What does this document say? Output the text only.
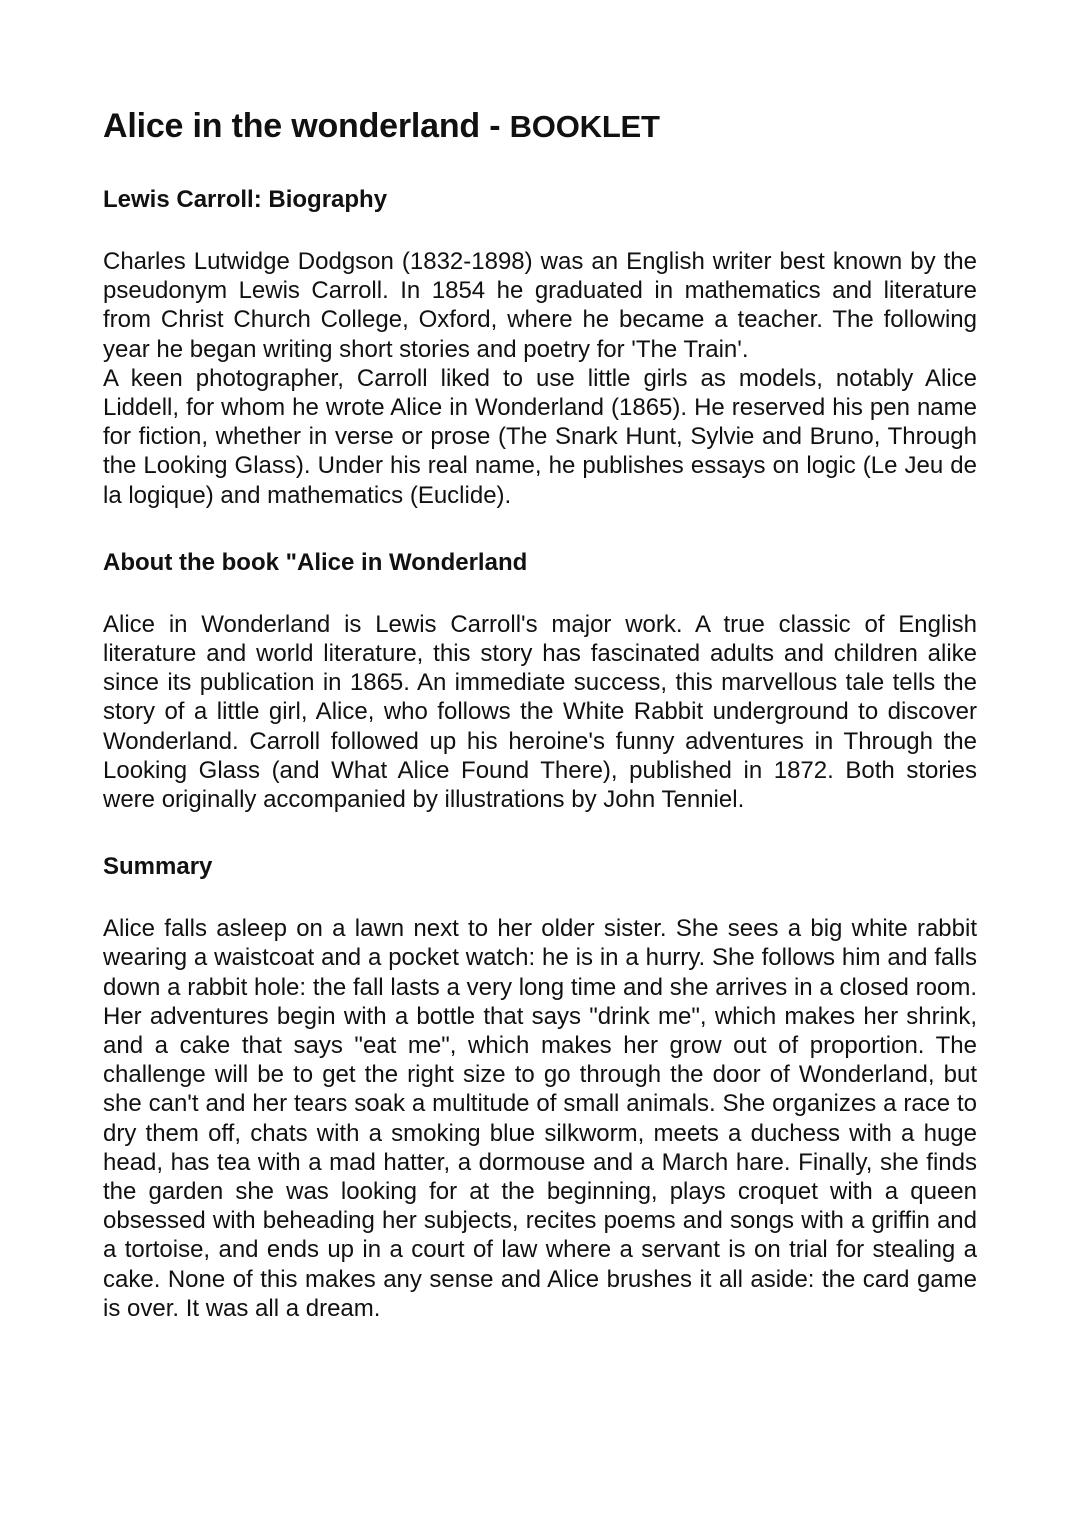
Alice in the wonderland - BOOKLET
Lewis Carroll: Biography

Charles Lutwidge Dodgson (1832-1898) was an English writer best known by the pseudonym Lewis Carroll. In 1854 he graduated in mathematics and literature from Christ Church College, Oxford, where he became a teacher. The following year he began writing short stories and poetry for 'The Train'.
A keen photographer, Carroll liked to use little girls as models, notably Alice Liddell, for whom he wrote Alice in Wonderland (1865). He reserved his pen name for fiction, whether in verse or prose (The Snark Hunt, Sylvie and Bruno, Through the Looking Glass). Under his real name, he publishes essays on logic (Le Jeu de la logique) and mathematics (Euclide).

About the book "Alice in Wonderland

Alice in Wonderland is Lewis Carroll's major work. A true classic of English literature and world literature, this story has fascinated adults and children alike since its publication in 1865. An immediate success, this marvellous tale tells the story of a little girl, Alice, who follows the White Rabbit underground to discover Wonderland. Carroll followed up his heroine's funny adventures in Through the Looking Glass (and What Alice Found There), published in 1872. Both stories were originally accompanied by illustrations by John Tenniel.

Summary

Alice falls asleep on a lawn next to her older sister. She sees a big white rabbit wearing a waistcoat and a pocket watch: he is in a hurry. She follows him and falls down a rabbit hole: the fall lasts a very long time and she arrives in a closed room. Her adventures begin with a bottle that says "drink me", which makes her shrink, and a cake that says "eat me", which makes her grow out of proportion. The challenge will be to get the right size to go through the door of Wonderland, but she can't and her tears soak a multitude of small animals. She organizes a race to dry them off, chats with a smoking blue silkworm, meets a duchess with a huge head, has tea with a mad hatter, a dormouse and a March hare. Finally, she finds the garden she was looking for at the beginning, plays croquet with a queen obsessed with beheading her subjects, recites poems and songs with a griffin and a tortoise, and ends up in a court of law where a servant is on trial for stealing a cake. None of this makes any sense and Alice brushes it all aside: the card game is over. It was all a dream.
